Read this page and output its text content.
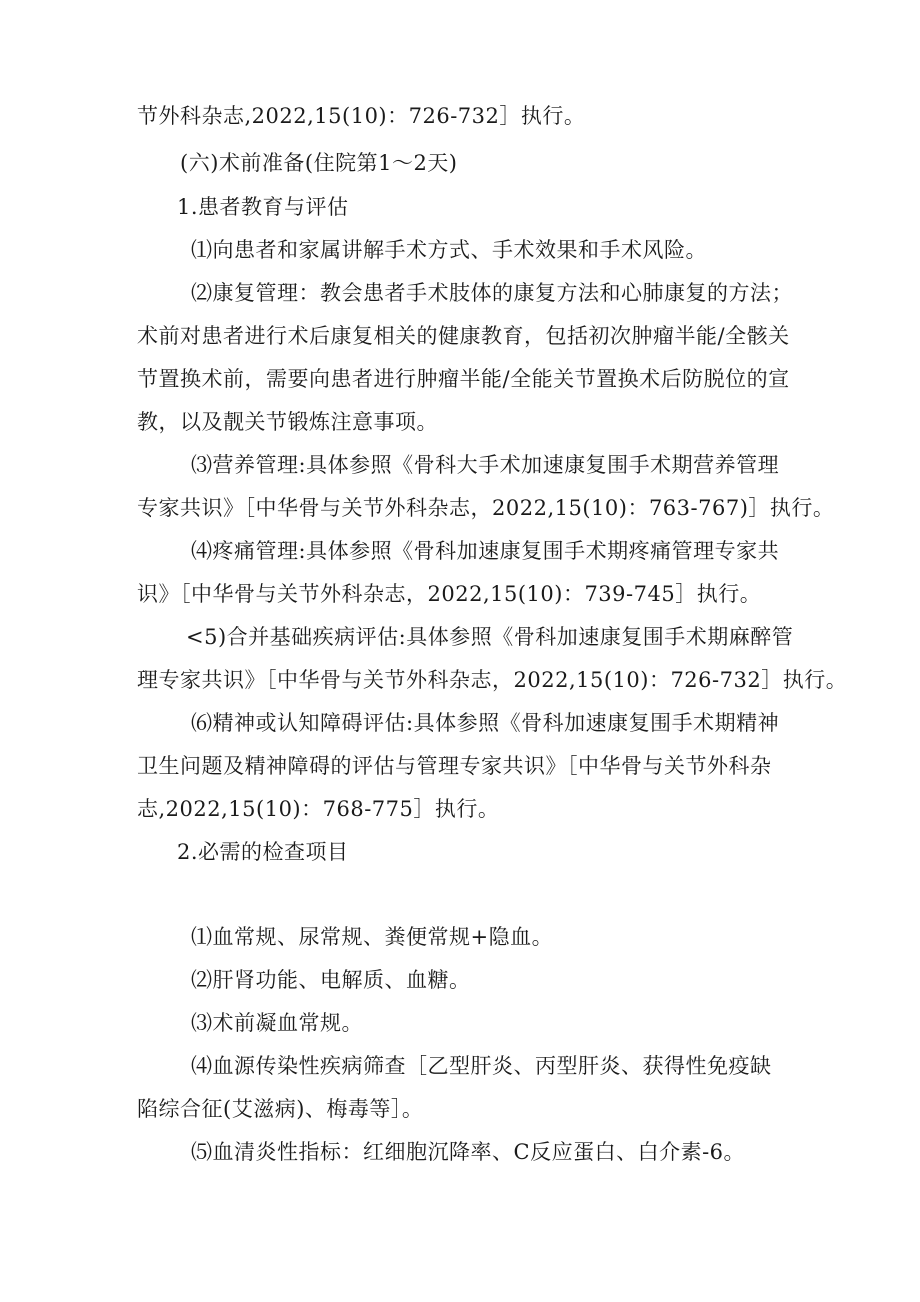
节外科杂志,2022,15(10)：726-732］执行。
(六)术前准备(住院第1～2天)
1.患者教育与评估
⑴向患者和家属讲解手术方式、手术效果和手术风险。
⑵康复管理：教会患者手术肢体的康复方法和心肺康复的方法；
术前对患者进行术后康复相关的健康教育，包括初次肿瘤半能/全骸关
节置换术前，需要向患者进行肿瘤半能/全能关节置换术后防脱位的宣
教，以及靓关节锻炼注意事项。
⑶营养管理:具体参照《骨科大手术加速康复围手术期营养管理
专家共识》［中华骨与关节外科杂志，2022,15(10)：763-767)］执行。
⑷疼痛管理:具体参照《骨科加速康复围手术期疼痛管理专家共
识》［中华骨与关节外科杂志，2022,15(10)：739-745］执行。
<5)合并基础疾病评估:具体参照《骨科加速康复围手术期麻醉管
理专家共识》［中华骨与关节外科杂志，2022,15(10)：726-732］执行。
⑹精神或认知障碍评估:具体参照《骨科加速康复围手术期精神
卫生问题及精神障碍的评估与管理专家共识》［中华骨与关节外科杂
志,2022,15(10)：768-775］执行。
2.必需的检查项目
⑴血常规、尿常规、粪便常规+隐血。
⑵肝肾功能、电解质、血糖。
⑶术前凝血常规。
⑷血源传染性疾病筛查［乙型肝炎、丙型肝炎、获得性免疫缺
陷综合征(艾滋病)、梅毒等］。
⑸血清炎性指标：红细胞沉降率、C反应蛋白、白介素-6。
